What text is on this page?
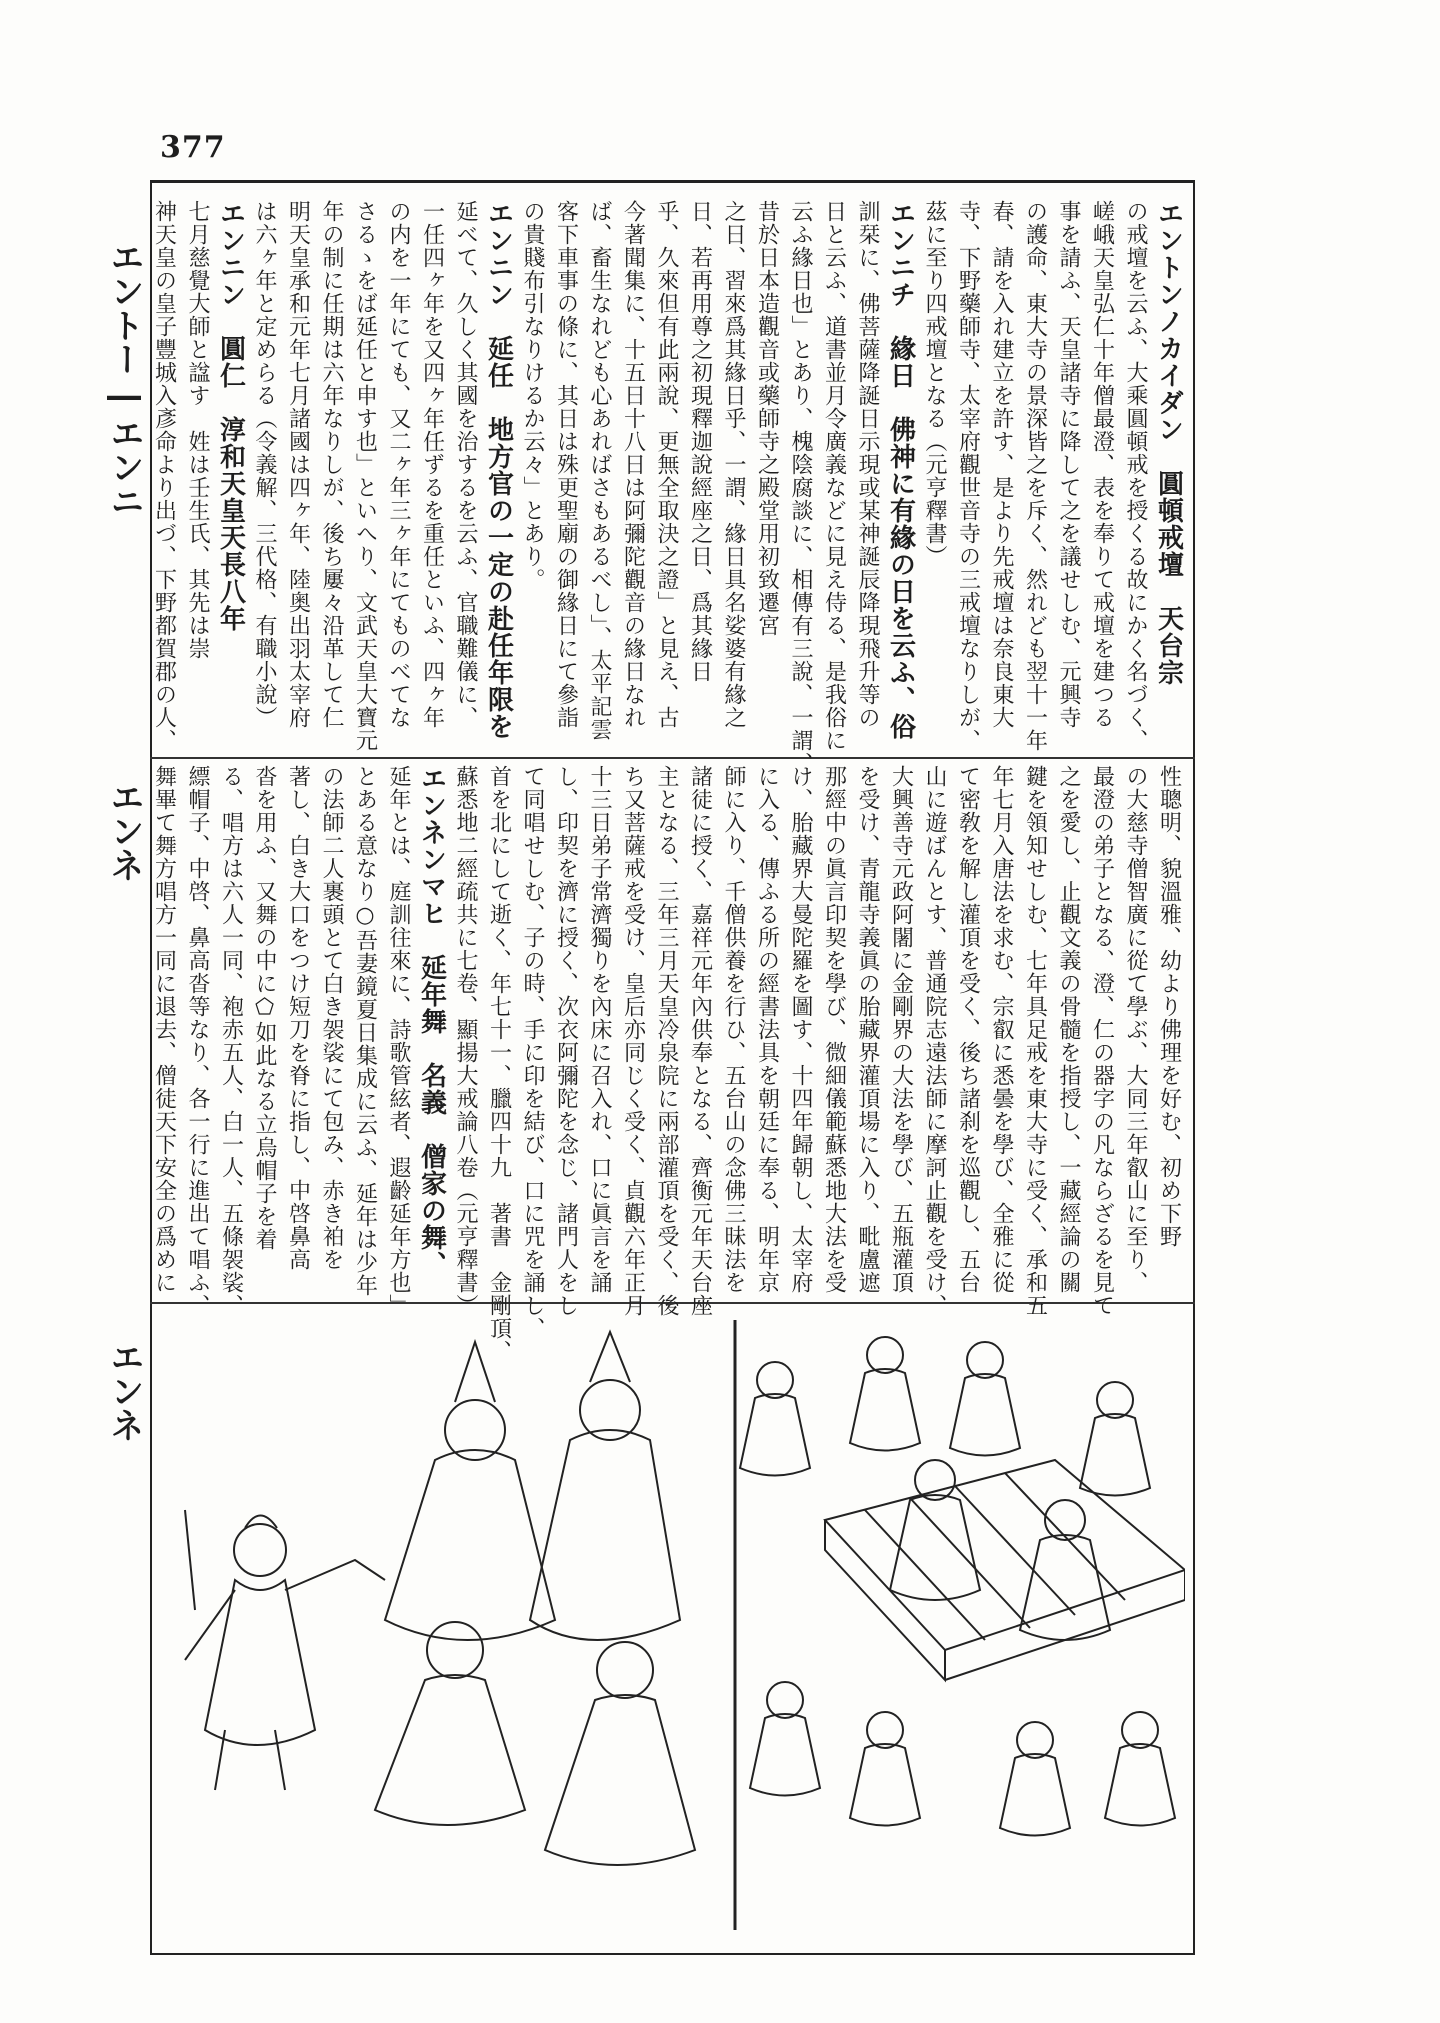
377
エントー―エンニ
エンネ
エンネ
エントンノカイダン　圓頓戒壇　天台宗
の戒壇を云ふ、大乘圓頓戒を授くる故にかく名づく、
嵯峨天皇弘仁十年僧最澄、表を奉りて戒壇を建つる
事を請ふ、天皇諸寺に降して之を議せしむ、元興寺
の護命、東大寺の景深皆之を斥く、然れども翌十一年
春、請を入れ建立を許す、是より先戒壇は奈良東大
寺、下野藥師寺、太宰府觀世音寺の三戒壇なりしが、
茲に至り四戒壇となる（元亨釋書）
エンニチ　緣日　佛神に有緣の日を云ふ、俗
訓栞に、佛菩薩降誕日示現或某神誕辰降現飛升等の
日と云ふ、道書並月令廣義などに見え侍る、是我俗に
云ふ緣日也」とあり、槐陰腐談に、相傳有三說、一謂、
昔於日本造觀音或藥師寺之殿堂用初致遷宮
之日、習來爲其緣日乎、一謂、緣日具名娑婆有緣之
日、若再用尊之初現釋迦說經座之日、爲其緣日
乎、久來但有此兩說、更無全取決之證」と見え、古
今著聞集に、十五日十八日は阿彌陀觀音の緣日なれ
ば、畜生なれども心あればさもあるべし」、太平記雲
客下車事の條に、其日は殊更聖廟の御緣日にて參詣
の貴賤布引なりけるか云々」とあり。
エンニン　延任　地方官の一定の赴任年限を
延べて、久しく其國を治するを云ふ、官職難儀に、
一任四ヶ年を又四ヶ年任ずるを重任といふ、四ヶ年
の内を一年にても、又二ヶ年三ヶ年にてものべてな
さるゝをば延任と申す也」といへり、文武天皇大寶元
年の制に任期は六年なりしが、後ち屢々沿革して仁
明天皇承和元年七月諸國は四ヶ年、陸奥出羽太宰府
は六ヶ年と定めらる（令義解、三代格、有職小說）
エンニン　圓仁　淳和天皇天長八年
七月慈覺大師と諡す　姓は壬生氏、其先は崇
神天皇の皇子豐城入彥命より出づ、下野都賀郡の人、
性聰明、貌溫雅、幼より佛理を好む、初め下野
の大慈寺僧智廣に從て學ぶ、大同三年叡山に至り、
最澄の弟子となる、澄、仁の器字の凡ならざるを見て
之を愛し、止觀文義の骨髓を指授し、一藏經論の關
鍵を領知せしむ、七年具足戒を東大寺に受く、承和五
年七月入唐法を求む、宗叡に悉曇を學び、全雅に從
て密敎を解し灌頂を受く、後ち諸刹を巡觀し、五台
山に遊ばんとす、普通院志遠法師に摩訶止觀を受け、
大興善寺元政阿闍に金剛界の大法を學び、五瓶灌頂
を受け、青龍寺義眞の胎藏界灌頂場に入り、毗盧遮
那經中の眞言印契を學び、微細儀範蘇悉地大法を受
け、胎藏界大曼陀羅を圖す、十四年歸朝し、太宰府
に入る、傳ふる所の經書法具を朝廷に奉る、明年京
師に入り、千僧供養を行ひ、五台山の念佛三昧法を
諸徒に授く、嘉祥元年內供奉となる、齊衡元年天台座
主となる、三年三月天皇冷泉院に兩部灌頂を受く、後
ち又菩薩戒を受け、皇后亦同じく受く、貞觀六年正月
十三日弟子常濟獨りを內床に召入れ、口に眞言を誦
し、印契を濟に授く、次衣阿彌陀を念じ、諸門人をし
て同唱せしむ、子の時、手に印を結び、口に咒を誦し、
首を北にして逝く、年七十一、臘四十九　著書　金剛頂、
蘇悉地二經疏共に七卷、顯揚大戒論八卷（元亨釋書）
エンネンマヒ　延年舞　名義　僧家の舞、
延年とは、庭訓往來に、詩歌管絃者、遐齡延年方也」
とある意なり○吾妻鏡夏日集成に云ふ、延年は少年
の法師二人裹頭とて白き袈裟にて包み、赤き袙を
著し、白き大口をつけ短刀を脊に指し、中啓鼻高
沓を用ふ、又舞の中に⬠如此なる立烏帽子を着
る、唱方は六人一同、袍赤五人、白一人、五條袈裟、
縹帽子、中啓、鼻高沓等なり、各一行に進出て唱ふ、
舞畢て舞方唱方一同に退去、僧徒天下安全の爲めに
